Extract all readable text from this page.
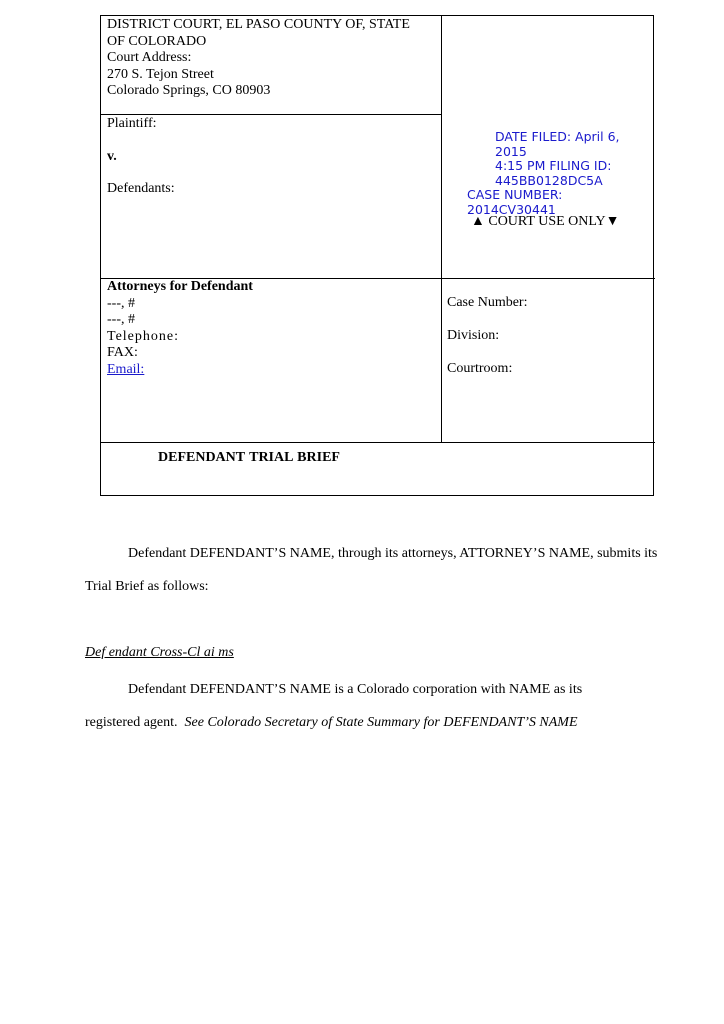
DISTRICT COURT, EL PASO COUNTY OF, STATE
OF COLORADO
Court Address:
270 S. Tejon Street
Colorado Springs, CO 80903
Plaintiff:
v.
Defendants:
DATE FILED: April 6, 2015
4:15 PM FILING ID:
445BB0128DC5A
CASE NUMBER: 2014CV30441
▲ COURT USE ONLY▼
Attorneys for Defendant
---, #
---, #
Telephone:
FAX:
Email:
Case Number:
Division:
Courtroom:
DEFENDANT TRIAL BRIEF
Defendant DEFENDANT’S NAME, through its attorneys, ATTORNEY’S NAME, submits its
Trial Brief as follows:
Def endant Cross-Cl ai ms
Defendant DEFENDANT’S NAME is a Colorado corporation with NAME as its
registered agent.  See Colorado Secretary of State Summary for DEFENDANT’S NAME
